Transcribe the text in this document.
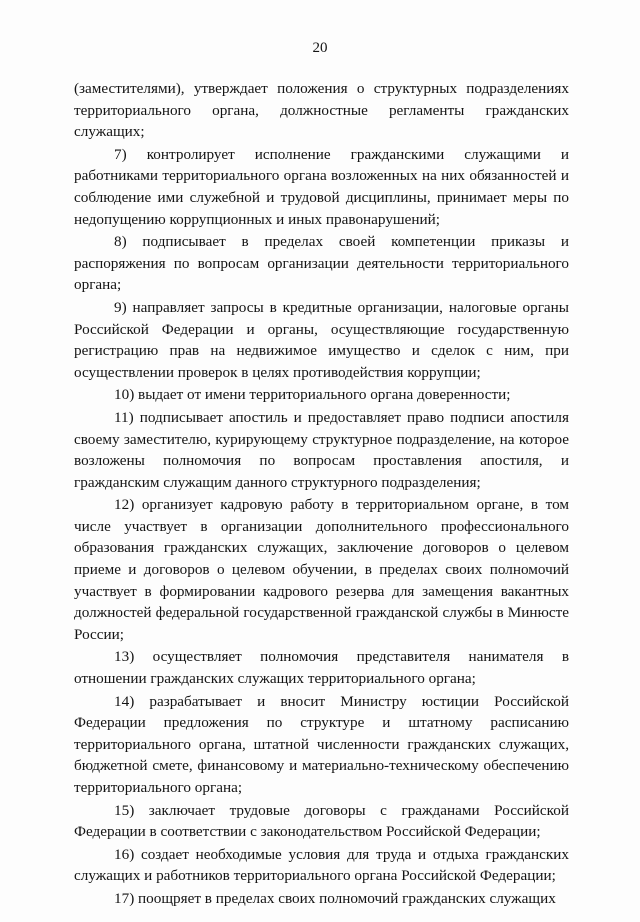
20

(заместителями), утверждает положения о структурных подразделениях территориального органа, должностные регламенты гражданских служащих;

7) контролирует исполнение гражданскими служащими и работниками территориального органа возложенных на них обязанностей и соблюдение ими служебной и трудовой дисциплины, принимает меры по недопущению коррупционных и иных правонарушений;

8) подписывает в пределах своей компетенции приказы и распоряжения по вопросам организации деятельности территориального органа;

9) направляет запросы в кредитные организации, налоговые органы Российской Федерации и органы, осуществляющие государственную регистрацию прав на недвижимое имущество и сделок с ним, при осуществлении проверок в целях противодействия коррупции;

10) выдает от имени территориального органа доверенности;

11) подписывает апостиль и предоставляет право подписи апостиля своему заместителю, курирующему структурное подразделение, на которое возложены полномочия по вопросам проставления апостиля, и гражданским служащим данного структурного подразделения;

12) организует кадровую работу в территориальном органе, в том числе участвует в организации дополнительного профессионального образования гражданских служащих, заключение договоров о целевом приеме и договоров о целевом обучении, в пределах своих полномочий участвует в формировании кадрового резерва для замещения вакантных должностей федеральной государственной гражданской службы в Минюсте России;

13) осуществляет полномочия представителя нанимателя в отношении гражданских служащих территориального органа;

14) разрабатывает и вносит Министру юстиции Российской Федерации предложения по структуре и штатному расписанию территориального органа, штатной численности гражданских служащих, бюджетной смете, финансовому и материально-техническому обеспечению территориального органа;

15) заключает трудовые договоры с гражданами Российской Федерации в соответствии с законодательством Российской Федерации;

16) создает необходимые условия для труда и отдыха гражданских служащих и работников территориального органа Российской Федерации;

17) поощряет в пределах своих полномочий гражданских служащих
